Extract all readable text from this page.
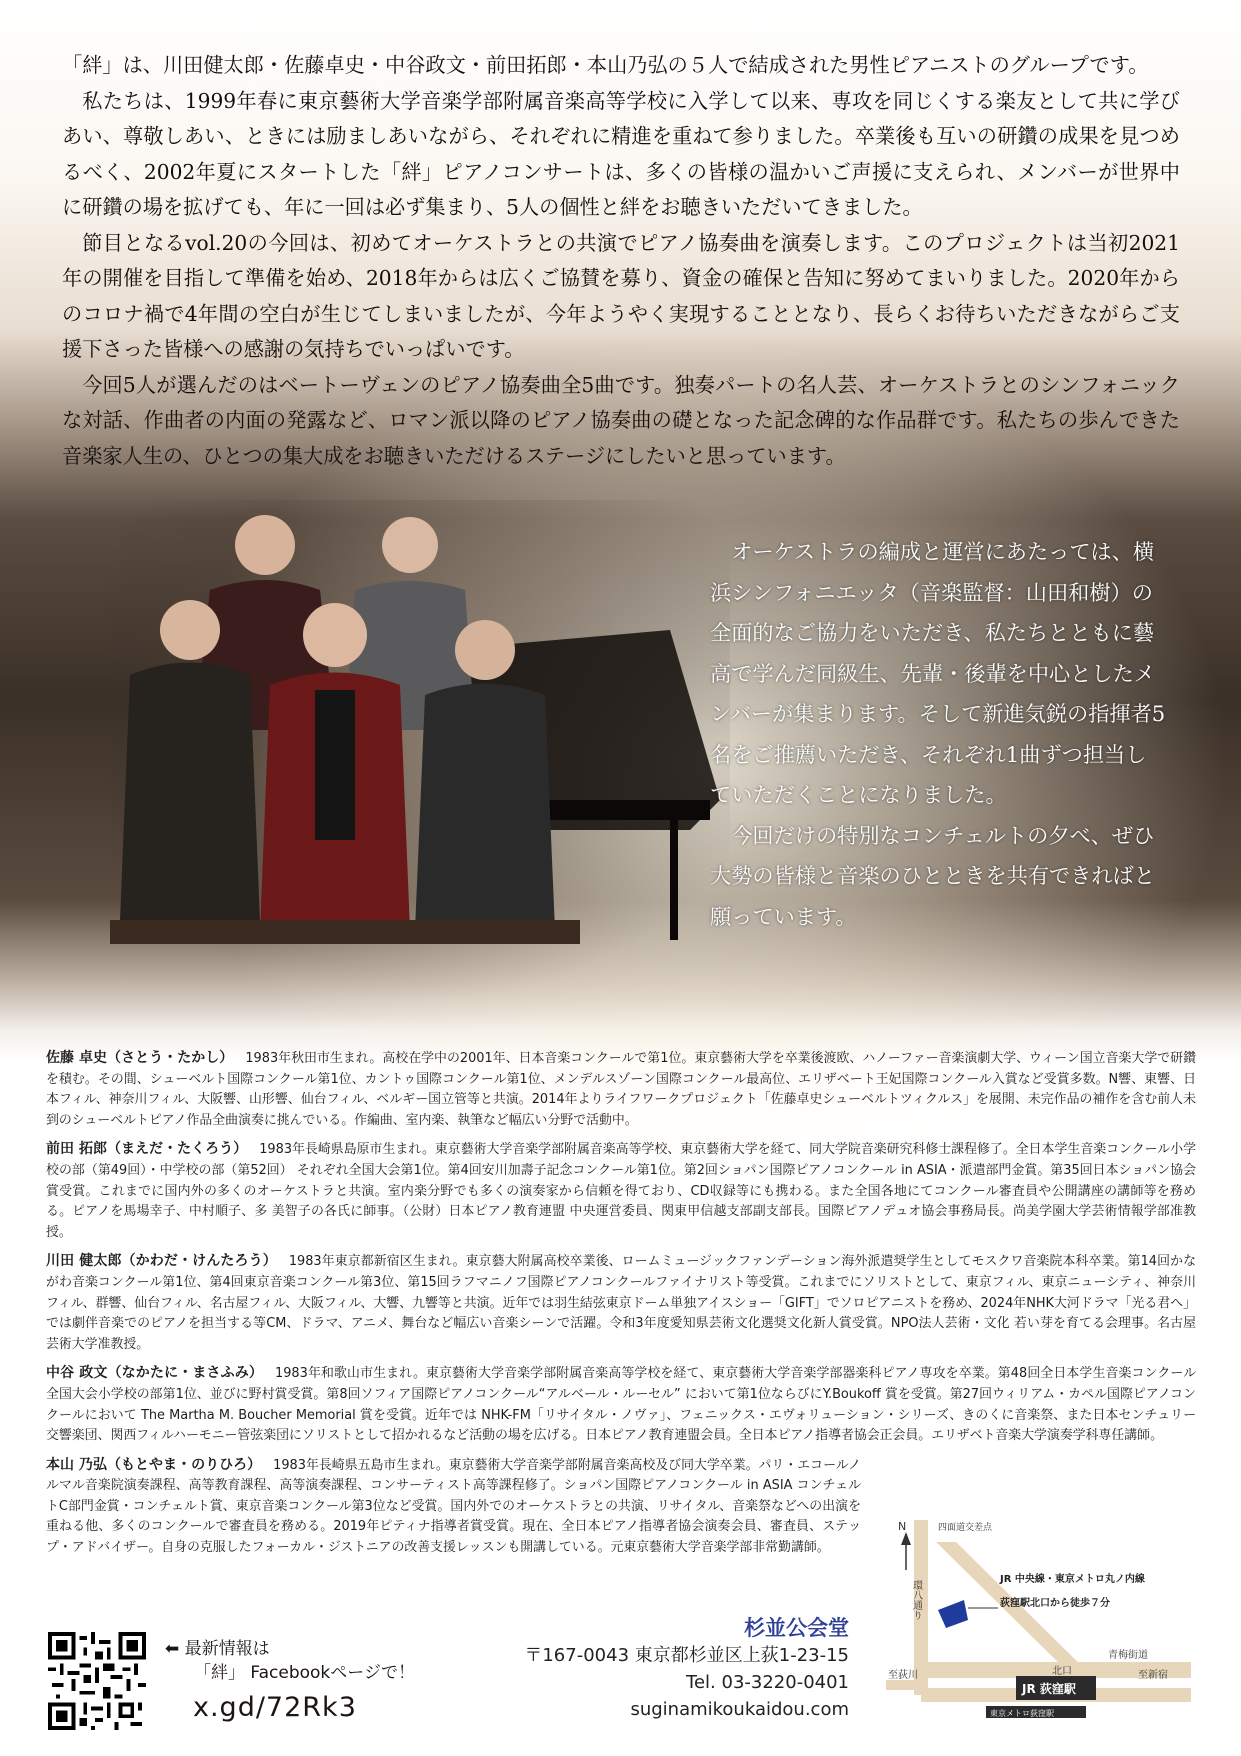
「絆」は、川田健太郎・佐藤卓史・中谷政文・前田拓郎・本山乃弘の５人で結成された男性ピアニストのグループです。

私たちは、1999年春に東京藝術大学音楽学部附属音楽高等学校に入学して以来、専攻を同じくする楽友として共に学びあい、尊敬しあい、ときには励ましあいながら、それぞれに精進を重ねて参りました。卒業後も互いの研鑽の成果を見つめるべく、2002年夏にスタートした「絆」ピアノコンサートは、多くの皆様の温かいご声援に支えられ、メンバーが世界中に研鑽の場を拡げても、年に一回は必ず集まり、5人の個性と絆をお聴きいただいてきました。

節目となるvol.20の今回は、初めてオーケストラとの共演でピアノ協奏曲を演奏します。このプロジェクトは当初2021年の開催を目指して準備を始め、2018年からは広くご協賛を募り、資金の確保と告知に努めてまいりました。2020年からのコロナ禍で4年間の空白が生じてしまいましたが、今年ようやく実現することとなり、長らくお待ちいただきながらご支援下さった皆様への感謝の気持ちでいっぱいです。

今回5人が選んだのはベートーヴェンのピアノ協奏曲全5曲です。独奏パートの名人芸、オーケストラとのシンフォニックな対話、作曲者の内面の発露など、ロマン派以降のピアノ協奏曲の礎となった記念碑的な作品群です。私たちの歩んできた音楽家人生の、ひとつの集大成をお聴きいただけるステージにしたいと思っています。

オーケストラの編成と運営にあたっては、横浜シンフォニエッタ（音楽監督：山田和樹）の全面的なご協力をいただき、私たちとともに藝高で学んだ同級生、先輩・後輩を中心としたメンバーが集まります。そして新進気鋭の指揮者5名をご推薦いただき、それぞれ1曲ずつ担当していただくことになりました。

今回だけの特別なコンチェルトの夕べ、ぜひ大勢の皆様と音楽のひとときを共有できればと願っています。

佐藤 卓史（さとう・たかし） 1983年秋田市生まれ。高校在学中の2001年、日本音楽コンクールで第1位。東京藝術大学を卒業後渡欧、ハノーファー音楽演劇大学、ウィーン国立音楽大学で研鑽を積む。その間、シューベルト国際コンクール第1位、カントゥ国際コンクール第1位、メンデルスゾーン国際コンクール最高位、エリザベート王妃国際コンクール入賞など受賞多数。N響、東響、日本フィル、神奈川フィル、大阪響、山形響、仙台フィル、ベルギー国立管等と共演。2014年よりライフワークプロジェクト「佐藤卓史シューベルトツィクルス」を展開、未完作品の補作を含む前人未到のシューベルトピアノ作品全曲演奏に挑んでいる。作編曲、室内楽、執筆など幅広い分野で活動中。

前田 拓郎（まえだ・たくろう） 1983年長崎県島原市生まれ。東京藝術大学音楽学部附属音楽高等学校、東京藝術大学を経て、同大学院音楽研究科修士課程修了。全日本学生音楽コンクール小学校の部（第49回）・中学校の部（第52回） それぞれ全国大会第1位。第4回安川加壽子記念コンクール第1位。第2回ショパン国際ピアノコンクール in ASIA・派遣部門金賞。第35回日本ショパン協会賞受賞。これまでに国内外の多くのオーケストラと共演。室内楽分野でも多くの演奏家から信頼を得ており、CD収録等にも携わる。また全国各地にてコンクール審査員や公開講座の講師等を務める。ピアノを馬場幸子、中村順子、多 美智子の各氏に師事。（公財）日本ピアノ教育連盟 中央運営委員、関東甲信越支部副支部長。国際ピアノデュオ協会事務局長。尚美学園大学芸術情報学部准教授。

川田 健太郎（かわだ・けんたろう） 1983年東京都新宿区生まれ。東京藝大附属高校卒業後、ロームミュージックファンデーション海外派遣奨学生としてモスクワ音楽院本科卒業。第14回かながわ音楽コンクール第1位、第4回東京音楽コンクール第3位、第15回ラフマニノフ国際ピアノコンクールファイナリスト等受賞。これまでにソリストとして、東京フィル、東京ニューシティ、神奈川フィル、群響、仙台フィル、名古屋フィル、大阪フィル、大響、九響等と共演。近年では羽生結弦東京ドーム単独アイスショー「GIFT」でソロピアニストを務め、2024年NHK大河ドラマ「光る君へ」では劇伴音楽でのピアノを担当する等CM、ドラマ、アニメ、舞台など幅広い音楽シーンで活躍。令和3年度愛知県芸術文化選奨文化新人賞受賞。NPO法人芸術・文化 若い芽を育てる会理事。名古屋芸術大学准教授。

中谷 政文（なかたに・まさふみ） 1983年和歌山市生まれ。東京藝術大学音楽学部附属音楽高等学校を経て、東京藝術大学音楽学部器楽科ピアノ専攻を卒業。第48回全日本学生音楽コンクール全国大会小学校の部第1位、並びに野村賞受賞。第8回ソフィア国際ピアノコンクール“アルベール・ルーセル” において第1位ならびにY.Boukoff 賞を受賞。第27回ウィリアム・カペル国際ピアノコンクールにおいて The Martha M. Boucher Memorial 賞を受賞。近年では NHK-FM「リサイタル・ノヴァ」、フェニックス・エヴォリューション・シリーズ、きのくに音楽祭、また日本センチュリー交響楽団、関西フィルハーモニー管弦楽団にソリストとして招かれるなど活動の場を広げる。日本ピアノ教育連盟会員。全日本ピアノ指導者協会正会員。エリザベト音楽大学演奏学科専任講師。

本山 乃弘（もとやま・のりひろ） 1983年長崎県五島市生まれ。東京藝術大学音楽学部附属音楽高校及び同大学卒業。パリ・エコールノルマル音楽院演奏課程、高等教育課程、高等演奏課程、コンサーティスト高等課程修了。ショパン国際ピアノコンクール in ASIA コンチェルトC部門金賞・コンチェルト賞、東京音楽コンクール第3位など受賞。国内外でのオーケストラとの共演、リサイタル、音楽祭などへの出演を重ねる他、多くのコンクールで審査員を務める。2019年ピティナ指導者賞受賞。現在、全日本ピアノ指導者協会演奏会員、審査員、ステップ・アドバイザー。自身の克服したフォーカル・ジストニアの改善支援レッスンも開講している。元東京藝術大学音楽学部非常勤講師。

⬅ 最新情報は
「絆」 Facebookページで！
x.gd/72Rk3
杉並公会堂
〒167-0043 東京都杉並区上荻1-23-15
Tel. 03-3220-0401
suginamikoukaidou.com
N	四面道交差点
JR 中央線・東京メトロ丸ノ内線
荻窪駅北口から徒歩７分
環八通り
青梅街道
北口
至荻川	至新宿
JR 荻窪駅
東京メトロ荻窪駅
